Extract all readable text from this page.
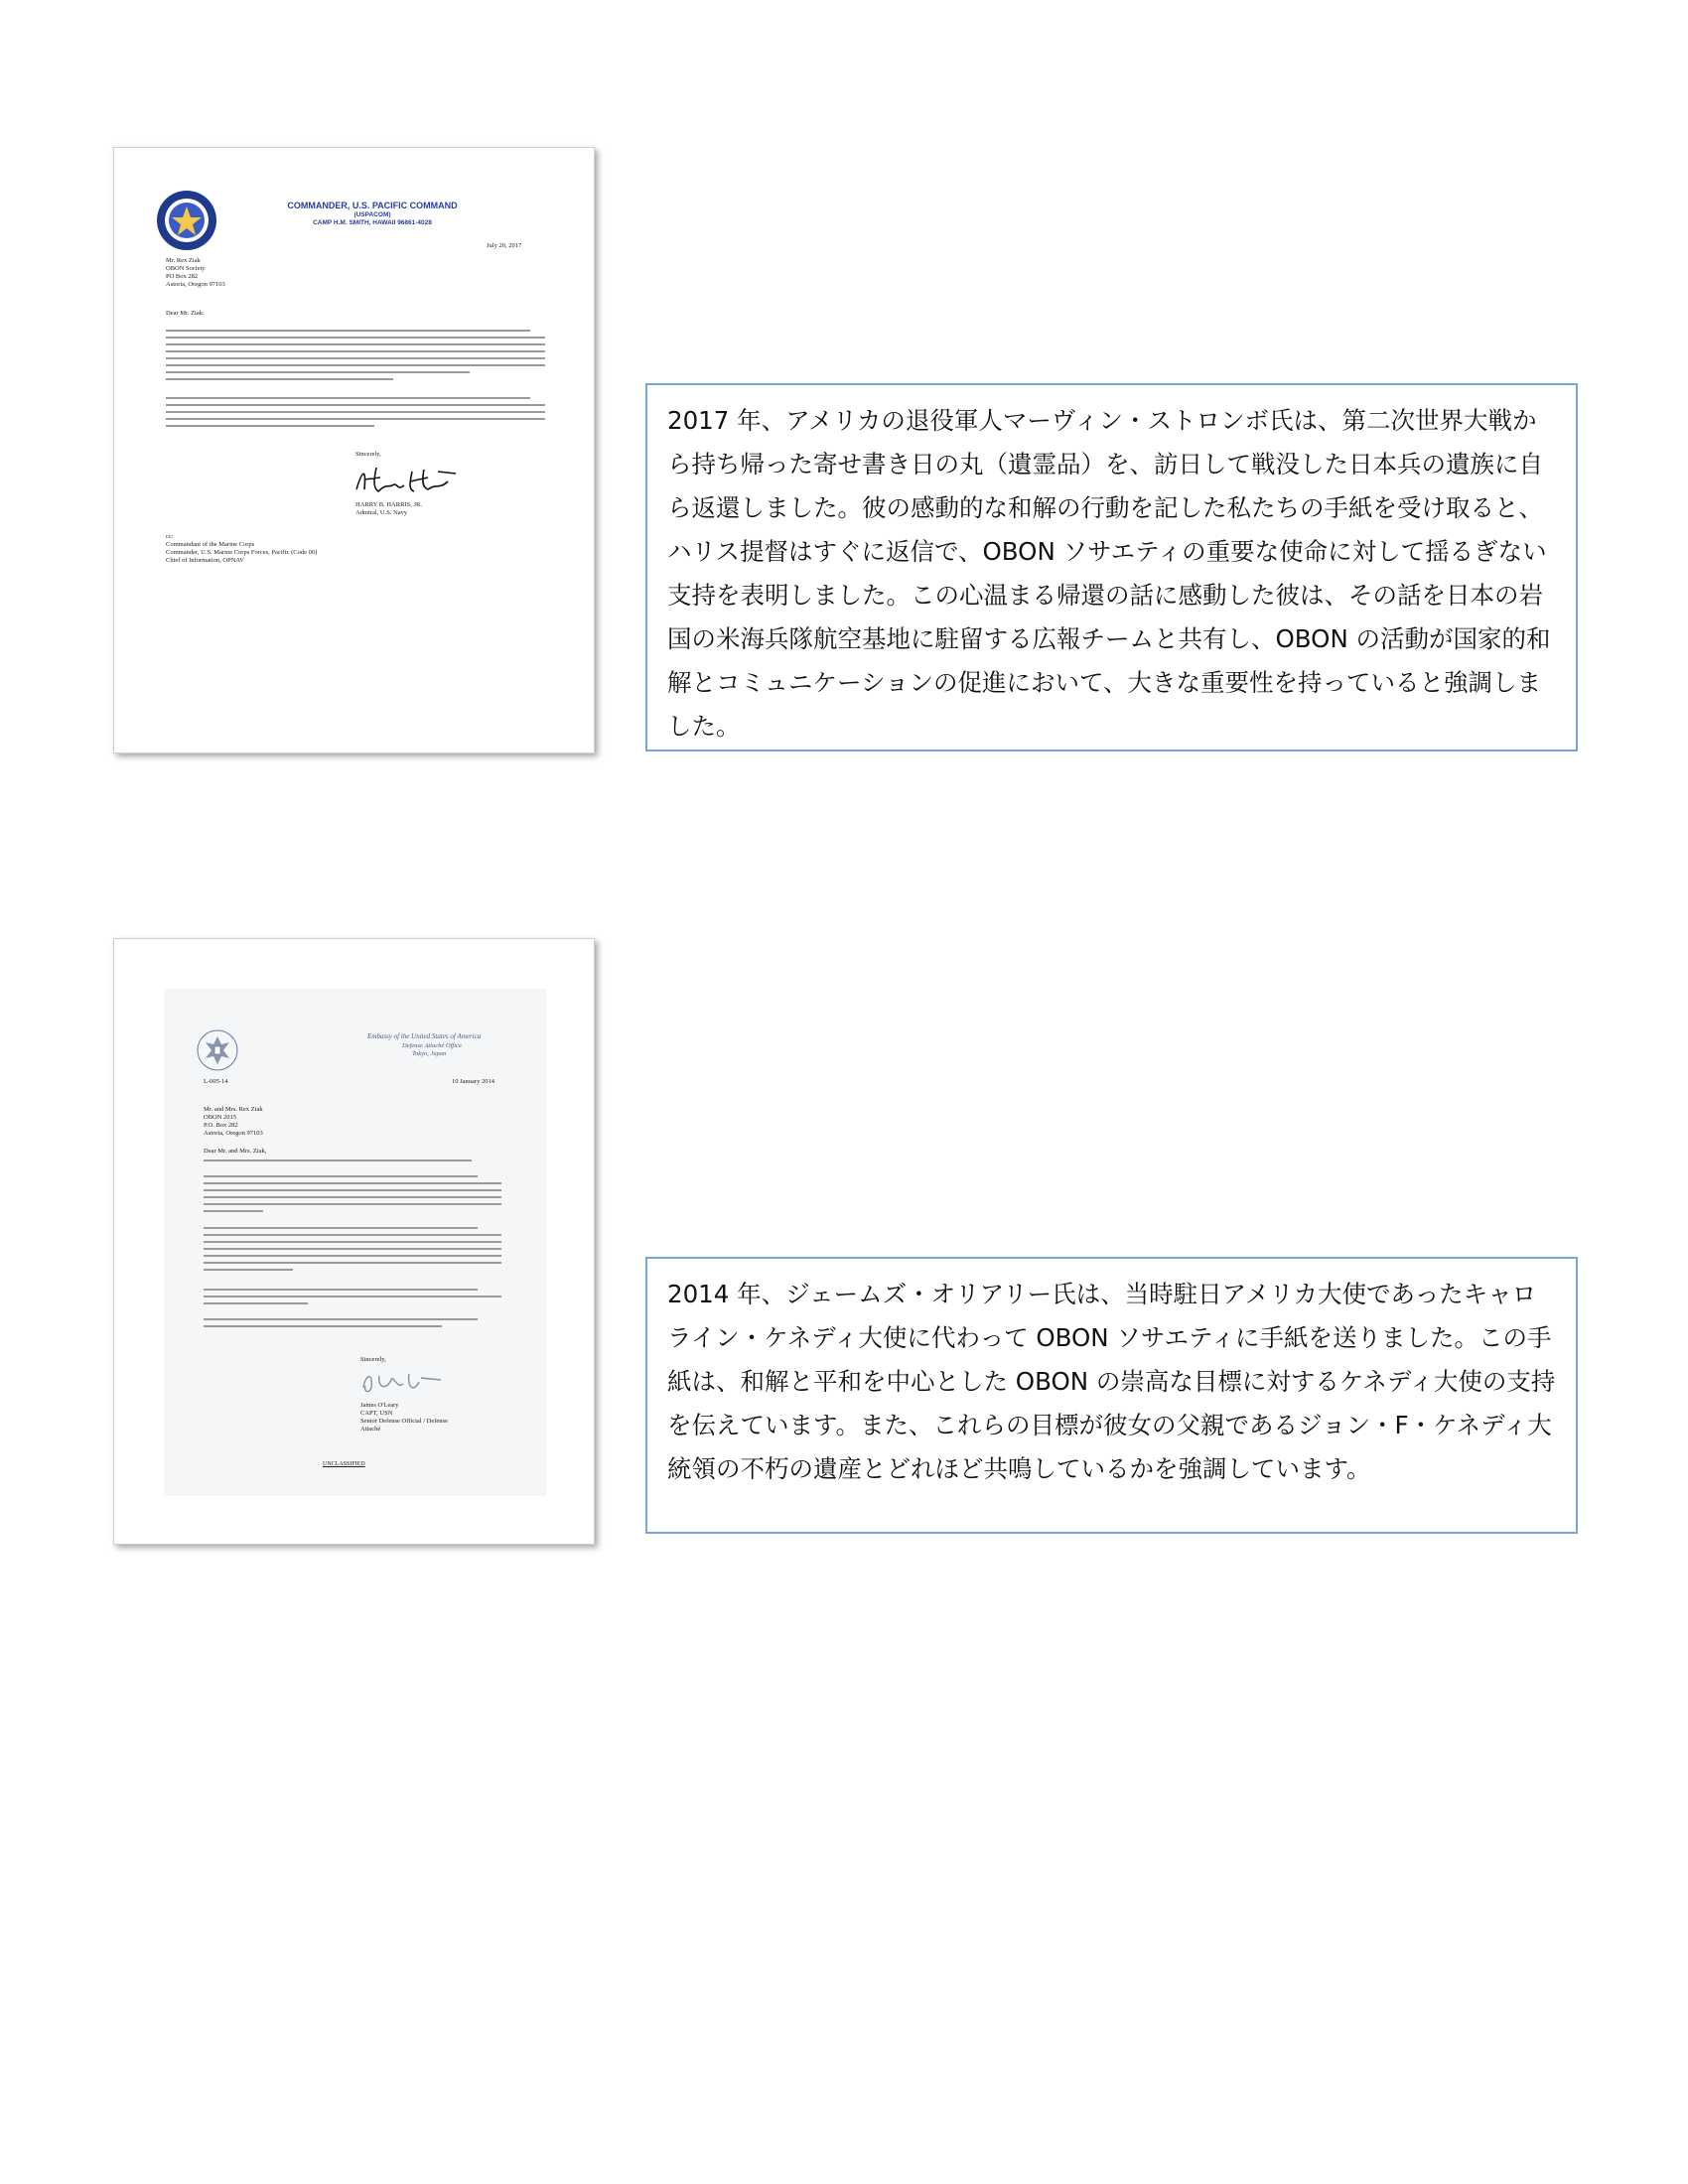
COMMANDER, U.S. PACIFIC COMMAND
(USPACOM)
CAMP H.M. SMITH, HAWAII 96861-4028
July 20, 2017
Mr. Rex Ziak
OBON Society
PO Box 282
Astoria, Oregon 97103
Dear Mr. Ziak:
Sincerely,
HARRY B. HARRIS, JR.
Admiral, U.S. Navy
cc:
Commandant of the Marine Corps
Commander, U.S. Marine Corps Forces, Pacific (Code 00)
Chief of Information, OPNAV
2017 年、アメリカの退役軍人マーヴィン・ストロンボ氏は、第二次世界大戦から持ち帰った寄せ書き日の丸（遺霊品）を、訪日して戦没した日本兵の遺族に自ら返還しました。彼の感動的な和解の行動を記した私たちの手紙を受け取ると、ハリス提督はすぐに返信で、OBON ソサエティの重要な使命に対して揺るぎない支持を表明しました。この心温まる帰還の話に感動した彼は、その話を日本の岩国の米海兵隊航空基地に駐留する広報チームと共有し、OBON の活動が国家的和解とコミュニケーションの促進において、大きな重要性を持っていると強調しました。
Embassy of the United States of America
Defense Attaché Office
Tokyo, Japan
L-005-14	10 January 2014
Mr. and Mrs. Rex Ziak
OBON 2015
P.O. Box 282
Astoria, Oregon 97103
Dear Mr. and Mrs. Ziak,
Sincerely,
James O'Leary
CAPT, USN
Senior Defense Official / Defense
Attaché
UNCLASSIFIED
2014 年、ジェームズ・オリアリー氏は、当時駐日アメリカ大使であったキャロライン・ケネディ大使に代わって OBON ソサエティに手紙を送りました。この手紙は、和解と平和を中心とした OBON の崇高な目標に対するケネディ大使の支持を伝えています。また、これらの目標が彼女の父親であるジョン・F・ケネディ大統領の不朽の遺産とどれほど共鳴しているかを強調しています。
